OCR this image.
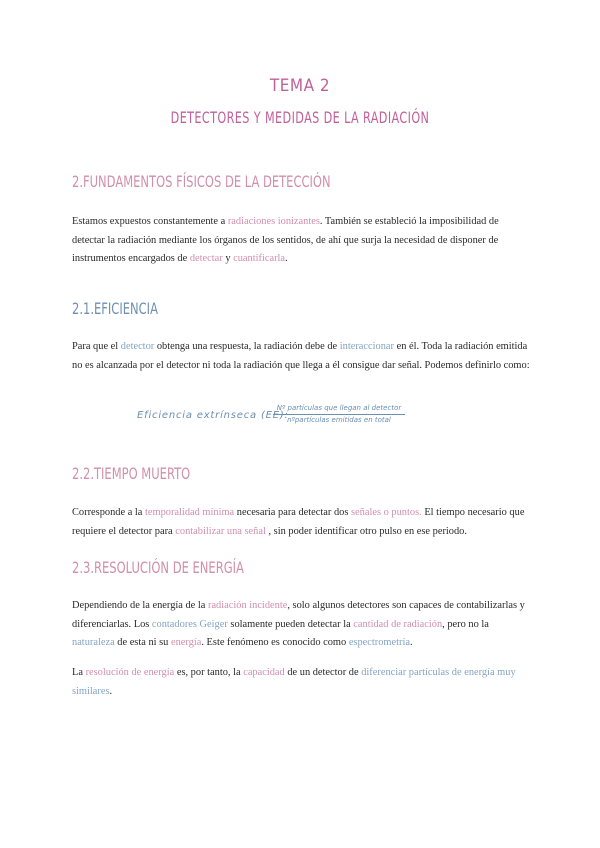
TEMA 2
DETECTORES Y MEDIDAS DE LA RADIACIÓN
2.FUNDAMENTOS FÍSICOS DE LA DETECCIÓN

Estamos expuestos constantemente a radiaciones ionizantes. También se estableció la imposibilidad de detectar la radiación mediante los órganos de los sentidos, de ahí que surja la necesidad de disponer de instrumentos encargados de detectar y cuantificarla.

2.1.EFICIENCIA

Para que el detector obtenga una respuesta, la radiación debe de interaccionar en él. Toda la radiación emitida no es alcanzada por el detector ni toda la radiación que llega a él consigue dar señal. Podemos definirlo como:

Eficiencia extrínseca (EE):
Nº partículas que llegan al detector
nºpartículas emitidas en total
2.2.TIEMPO MUERTO

Corresponde a la temporalidad mínima necesaria para detectar dos señales o puntos. El tiempo necesario que requiere el detector para contabilizar una señal , sin poder identificar otro pulso en ese periodo.

2.3.RESOLUCIÓN DE ENERGÍA

Dependiendo de la energía de la radiación incidente, solo algunos detectores son capaces de contabilizarlas y diferenciarlas. Los contadores Geiger solamente pueden detectar la cantidad de radiación, pero no la naturaleza de esta ni su energía. Este fenómeno es conocido como espectrometría.

La resolución de energía es, por tanto, la capacidad de un detector de diferenciar partículas de energía muy similares.
